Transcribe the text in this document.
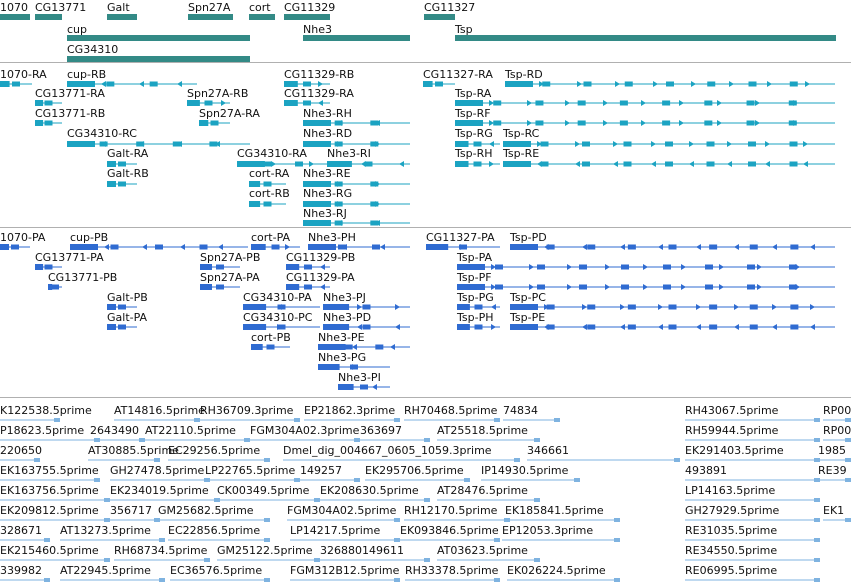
1070 CG13771 Galt	Spn27A cort CG11329	CG11327
cup	Nhe3	Tsp
CG34310
1070-RA cup-RB	CG11329-RB	CG11327-RA Tsp-RD
CG13771-RA	Spn27A-RB	CG11329-RA	Tsp-RA
CG13771-RB	Spn27A-RA	Nhe3-RH	Tsp-RF
CG34310-RC	Nhe3-RD	Tsp-RG Tsp-RC
Galt-RA	CG34310-RA Nhe3-RI	Tsp-RH Tsp-RE
Galt-RB	cort-RA Nhe3-RE
cort-RB Nhe3-RG
Nhe3-RJ
1070-PA cup-PB	cort-PA Nhe3-PH	CG11327-PA Tsp-PD
CG13771-PA	CG11329-PB	Tsp-PA
CG13771-PB
Spn27A-PB
CG11329-PA	Tsp-PF
Spn27A-PA
Galt-PB	CG34310-PA Nhe3-PJ	Tsp-PG Tsp-PC
Galt-PA	CG34310-PC Nhe3-PD	Tsp-PH Tsp-PE
cort-PB Nhe3-PE
Nhe3-PG
Nhe3-PI
K122538.5prime AT14816.5prime
RH36709.3prime EP21862.3prime RH70468.5prime 74834	RH43067.5prime	RP00
P18623.5prime 2643490 AT22110.5prime FGM304A02.3prime 363697	AT25518.5prime	RH59944.5prime	RP00
220650	AT30885.5prime
EC29256.5prime Dmel_dig_004667_0605_1059.3prime	346661	EK291403.5prime	1985
EK163755.5prime GH27478.5prime LP22765.5prime 149257 EK295706.5prime IP14930.5prime	493891	RE39
EK163756.5prime EK234019.5prime CK00349.5prime EK208630.5prime AT28476.5prime	LP14163.5prime
EK209812.5prime 356717 GM25682.5prime	FGM304A02.5prime RH12170.5prime EK185841.5prime	GH27929.5prime	EK1
328671 AT13273.5prime EC22856.5prime	LP14217.5prime EK093846.5prime EP12053.3prime	RE31035.5prime
EK215460.5prime RH68734.5prime GM25122.5prime 326880149611	AT03623.5prime	RE34550.5prime
339982 AT22945.5prime EC36576.5prime	FGM312B12.5prime RH33378.5prime EK026224.5prime	RE06995.5prime
